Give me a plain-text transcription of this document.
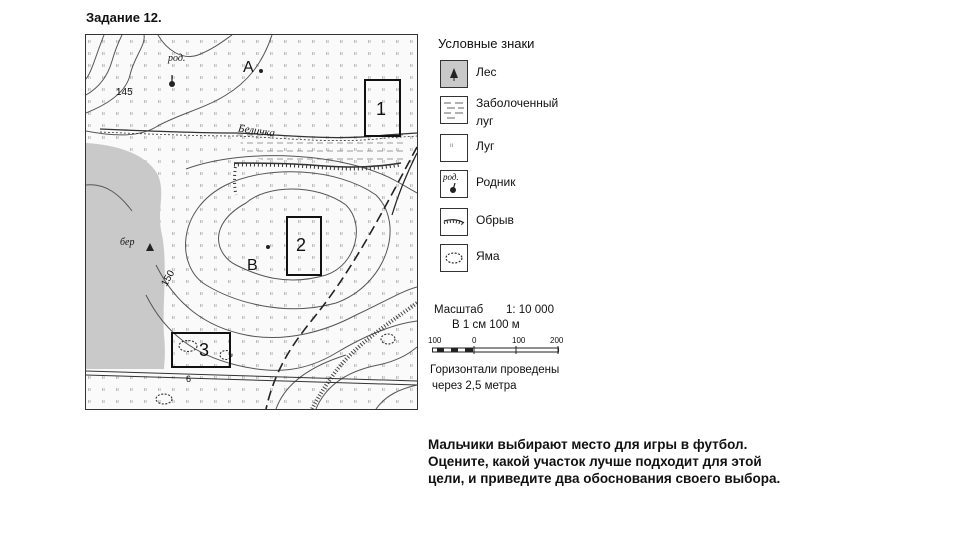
Задание 12.
род.
А
В
145
150
Беличка
бер
6
1
2
3
Условные знаки
Лес
Заболоченный
луг
ıı Луг
род. Родник
Обрыв
Яма
Масштаб 1: 10 000
В 1 см 100 м
100	0	100	200
Горизонтали проведены
через 2,5 метра
Мальчики выбирают место для игры в футбол.
Оцените, какой участок лучше подходит для этой
цели, и приведите два обоснования своего выбора.
